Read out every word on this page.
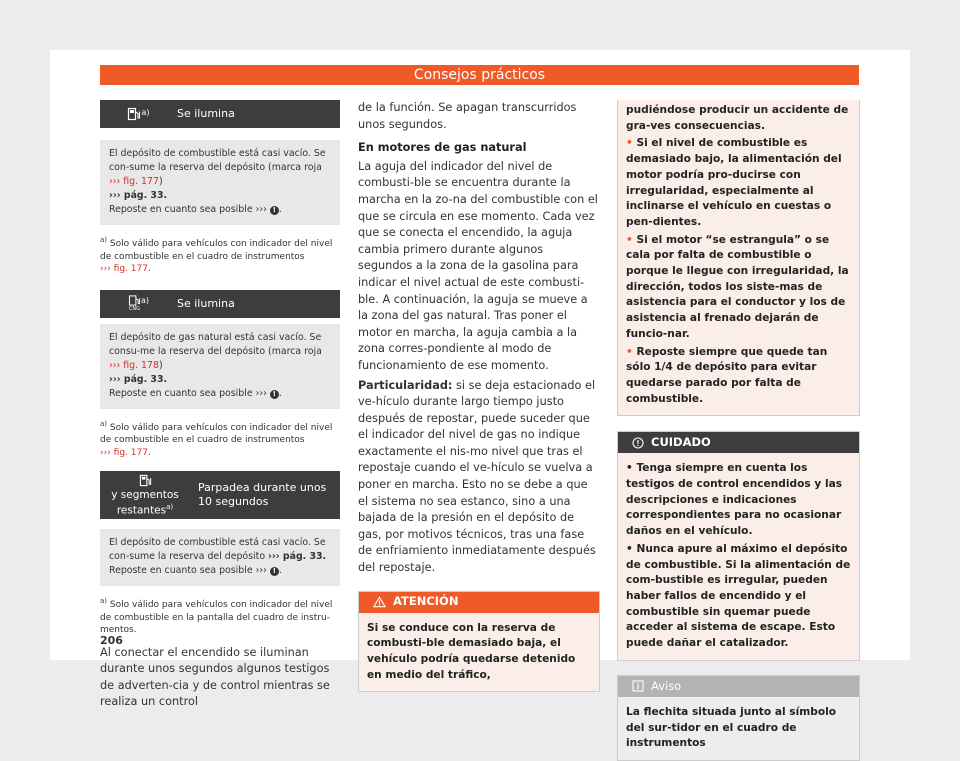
Consejos prácticos
a) Se ilumina
El depósito de combustible está casi vacío. Se con-sume la reserva del depósito (marca roja ››› fig. 177)
››› pág. 33.
Reposte en cuanto sea posible ››› ! .
$^{a)}$ Solo válido para vehículos con indicador del nivel de combustible en el cuadro de instrumentos
››› fig. 177.
CNG
a)	Se ilumina
El depósito de gas natural está casi vacío. Se consu-me la reserva del depósito (marca roja ››› fig. 178)
››› pág. 33.
Reposte en cuanto sea posible ››› ! .
$^{a)}$ Solo válido para vehículos con indicador del nivel de combustible en el cuadro de instrumentos
››› fig. 177.
y segmentos restantes$^{a)}$
Parpadea durante unos 10 segundos
El depósito de combustible está casi vacío. Se con-sume la reserva del depósito ››› pág. 33.
Reposte en cuanto sea posible ››› ! .
$^{a)}$ Solo válido para vehículos con indicador del nivel de combustible en la pantalla del cuadro de instru-mentos.
Al conectar el encendido se iluminan durante unos segundos algunos testigos de adverten-cia y de control mientras se realiza un control
de la función. Se apagan transcurridos unos segundos.
En motores de gas natural
La aguja del indicador del nivel de combusti-ble se encuentra durante la marcha en la zo-na del combustible con el que se circula en ese momento. Cada vez que se conecta el encendido, la aguja cambia primero durante algunos segundos a la zona de la gasolina para indicar el nivel actual de este combusti-ble. A continuación, la aguja se mueve a la zona del gas natural. Tras poner el motor en marcha, la aguja cambia a la zona corres-pondiente al modo de funcionamiento de ese momento.
Particularidad: si se deja estacionado el ve-hículo durante largo tiempo justo después de repostar, puede suceder que el indicador del nivel de gas no indique exactamente el nis-mo nivel que tras el repostaje cuando el ve-hículo se vuelva a poner en marcha. Esto no se debe a que el sistema no sea estanco, sino a una bajada de la presión en el depósito de gas, por motivos técnicos, tras una fase de enfriamiento inmediatamente después del repostaje.
ATENCIÓN
Si se conduce con la reserva de combusti-ble demasiado baja, el vehículo podría quedarse detenido en medio del tráfico,
pudiéndose producir un accidente de gra-ves consecuencias.
• Si el nivel de combustible es demasiado bajo, la alimentación del motor podría pro-ducirse con irregularidad, especialmente al inclinarse el vehículo en cuestas o pen-dientes.
• Si el motor “se estrangula” o se cala por falta de combustible o porque le llegue con irregularidad, la dirección, todos los siste-mas de asistencia para el conductor y los de asistencia al frenado dejarán de funcio-nar.
• Reposte siempre que quede tan sólo 1/4 de depósito para evitar quedarse parado por falta de combustible.
CUIDADO
• Tenga siempre en cuenta los testigos de control encendidos y las descripciones e indicaciones correspondientes para no ocasionar daños en el vehículo.
• Nunca apure al máximo el depósito de combustible. Si la alimentación de com-bustible es irregular, pueden haber fallos de encendido y el combustible sin quemar puede acceder al sistema de escape. Esto puede dañar el catalizador.
Aviso
La flechita situada junto al símbolo del sur-tidor en el cuadro de instrumentos
206
